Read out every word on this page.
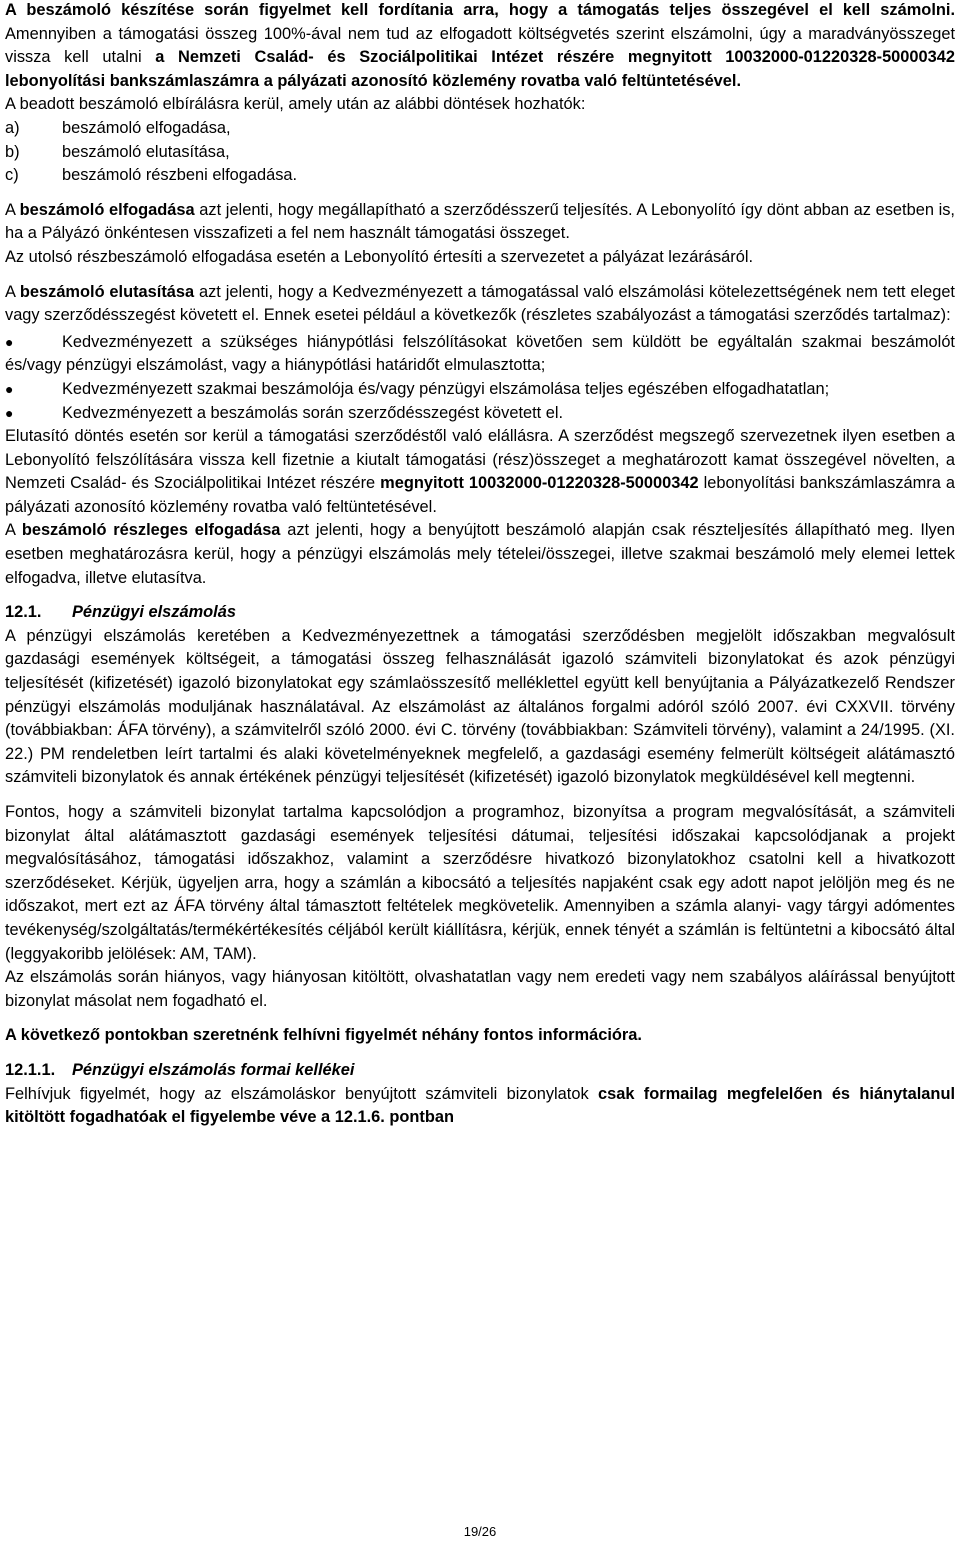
A beszámoló készítése során figyelmet kell fordítania arra, hogy a támogatás teljes összegével el kell számolni. Amennyiben a támogatási összeg 100%-ával nem tud az elfogadott költségvetés szerint elszámolni, úgy a maradványösszeget vissza kell utalni a Nemzeti Család- és Szociálpolitikai Intézet részére megnyitott 10032000-01220328-50000342 lebonyolítási bankszámlaszámra a pályázati azonosító közlemény rovatba való feltüntetésével.

A beadott beszámoló elbírálásra kerül, amely után az alábbi döntések hozhatók:

a)	beszámoló elfogadása,
b)	beszámoló elutasítása,
c)	beszámoló részbeni elfogadása.

A beszámoló elfogadása azt jelenti, hogy megállapítható a szerződésszerű teljesítés. A Lebonyolító így dönt abban az esetben is, ha a Pályázó önkéntesen visszafizeti a fel nem használt támogatási összeget.

Az utolsó részbeszámoló elfogadása esetén a Lebonyolító értesíti a szervezetet a pályázat lezárásáról.

A beszámoló elutasítása azt jelenti, hogy a Kedvezményezett a támogatással való elszámolási kötelezettségének nem tett eleget vagy szerződésszegést követett el. Ennek esetei például a következők (részletes szabályozást a támogatási szerződés tartalmaz):

●	Kedvezményezett a szükséges hiánypótlási felszólításokat követően sem küldött be egyáltalán szakmai beszámolót és/vagy pénzügyi elszámolást, vagy a hiánypótlási határidőt elmulasztotta;

●	Kedvezményezett szakmai beszámolója és/vagy pénzügyi elszámolása teljes egészében elfogadhatatlan;

●	Kedvezményezett a beszámolás során szerződésszegést követett el.

Elutasító döntés esetén sor kerül a támogatási szerződéstől való elállásra. A szerződést megszegő szervezetnek ilyen esetben a Lebonyolító felszólítására vissza kell fizetnie a kiutalt támogatási (rész)összeget a meghatározott kamat összegével növelten, a Nemzeti Család- és Szociálpolitikai Intézet részére megnyitott 10032000-01220328-50000342 lebonyolítási bankszámlaszámra a pályázati azonosító közlemény rovatba való feltüntetésével.

A beszámoló részleges elfogadása azt jelenti, hogy a benyújtott beszámoló alapján csak részteljesítés állapítható meg. Ilyen esetben meghatározásra kerül, hogy a pénzügyi elszámolás mely tételei/összegei, illetve szakmai beszámoló mely elemei lettek elfogadva, illetve elutasítva.

12.1. Pénzügyi elszámolás

A pénzügyi elszámolás keretében a Kedvezményezettnek a támogatási szerződésben megjelölt időszakban megvalósult gazdasági események költségeit, a támogatási összeg felhasználását igazoló számviteli bizonylatokat és azok pénzügyi teljesítését (kifizetését) igazoló bizonylatokat egy számlaösszesítő melléklettel együtt kell benyújtania a Pályázatkezelő Rendszer pénzügyi elszámolás moduljának használatával. Az elszámolást az általános forgalmi adóról szóló 2007. évi CXXVII. törvény (továbbiakban: ÁFA törvény), a számvitelről szóló 2000. évi C. törvény (továbbiakban: Számviteli törvény), valamint a 24/1995. (XI. 22.) PM rendeletben leírt tartalmi és alaki követelményeknek megfelelő, a gazdasági esemény felmerült költségeit alátámasztó számviteli bizonylatok és annak értékének pénzügyi teljesítését (kifizetését) igazoló bizonylatok megküldésével kell megtenni.

Fontos, hogy a számviteli bizonylat tartalma kapcsolódjon a programhoz, bizonyítsa a program megvalósítását, a számviteli bizonylat által alátámasztott gazdasági események teljesítési dátumai, teljesítési időszakai kapcsolódjanak a projekt megvalósításához, támogatási időszakhoz, valamint a szerződésre hivatkozó bizonylatokhoz csatolni kell a hivatkozott szerződéseket. Kérjük, ügyeljen arra, hogy a számlán a kibocsátó a teljesítés napjaként csak egy adott napot jelöljön meg és ne időszakot, mert ezt az ÁFA törvény által támasztott feltételek megkövetelik. Amennyiben a számla alanyi- vagy tárgyi adómentes tevékenység/szolgáltatás/termékértékesítés céljából került kiállításra, kérjük, ennek tényét a számlán is feltüntetni a kibocsátó által (leggyakoribb jelölések: AM, TAM).

Az elszámolás során hiányos, vagy hiányosan kitöltött, olvashatatlan vagy nem eredeti vagy nem szabályos aláírással benyújtott bizonylat másolat nem fogadható el.

A következő pontokban szeretnénk felhívni figyelmét néhány fontos információra.

12.1.1. Pénzügyi elszámolás formai kellékei

Felhívjuk figyelmét, hogy az elszámoláskor benyújtott számviteli bizonylatok csak formailag megfelelően és hiánytalanul kitöltött fogadhatóak el figyelembe véve a 12.1.6. pontban

19/26
